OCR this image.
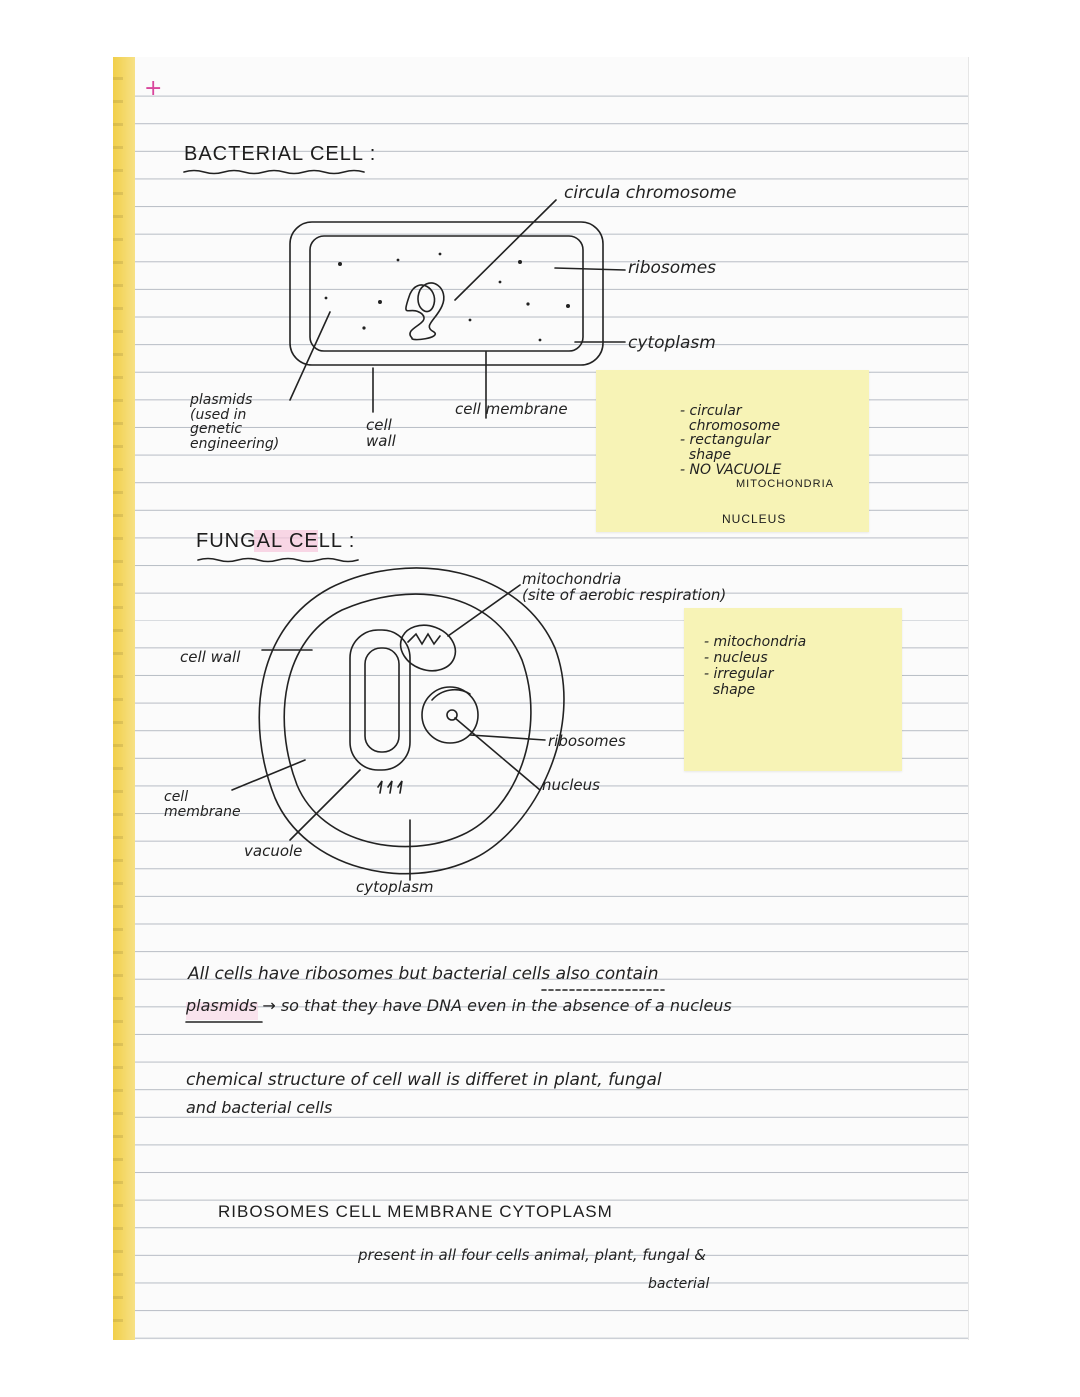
+
BACTERIAL CELL :
FUNGAL CELL :
circula chromosome
ribosomes
cytoplasm
cell membrane
cell
wall
plasmids
(used in
genetic
engineering)
- circular
chromosome
- rectangular
shape
- NO VACUOLE
MITOCHONDRIA
NUCLEUS
mitochondria
(site of aerobic respiration)
cell wall
ribosomes
nucleus
cell
membrane
vacuole
cytoplasm
- mitochondria
- nucleus
- irregular
shape
All cells have ribosomes but bacterial cells also contain
plasmids → so that they have DNA even in the absence of a nucleus
chemical structure of cell wall is differet in plant, fungal
and bacterial cells
RIBOSOMES CELL MEMBRANE CYTOPLASM
present in all four cells animal, plant, fungal &
bacterial
